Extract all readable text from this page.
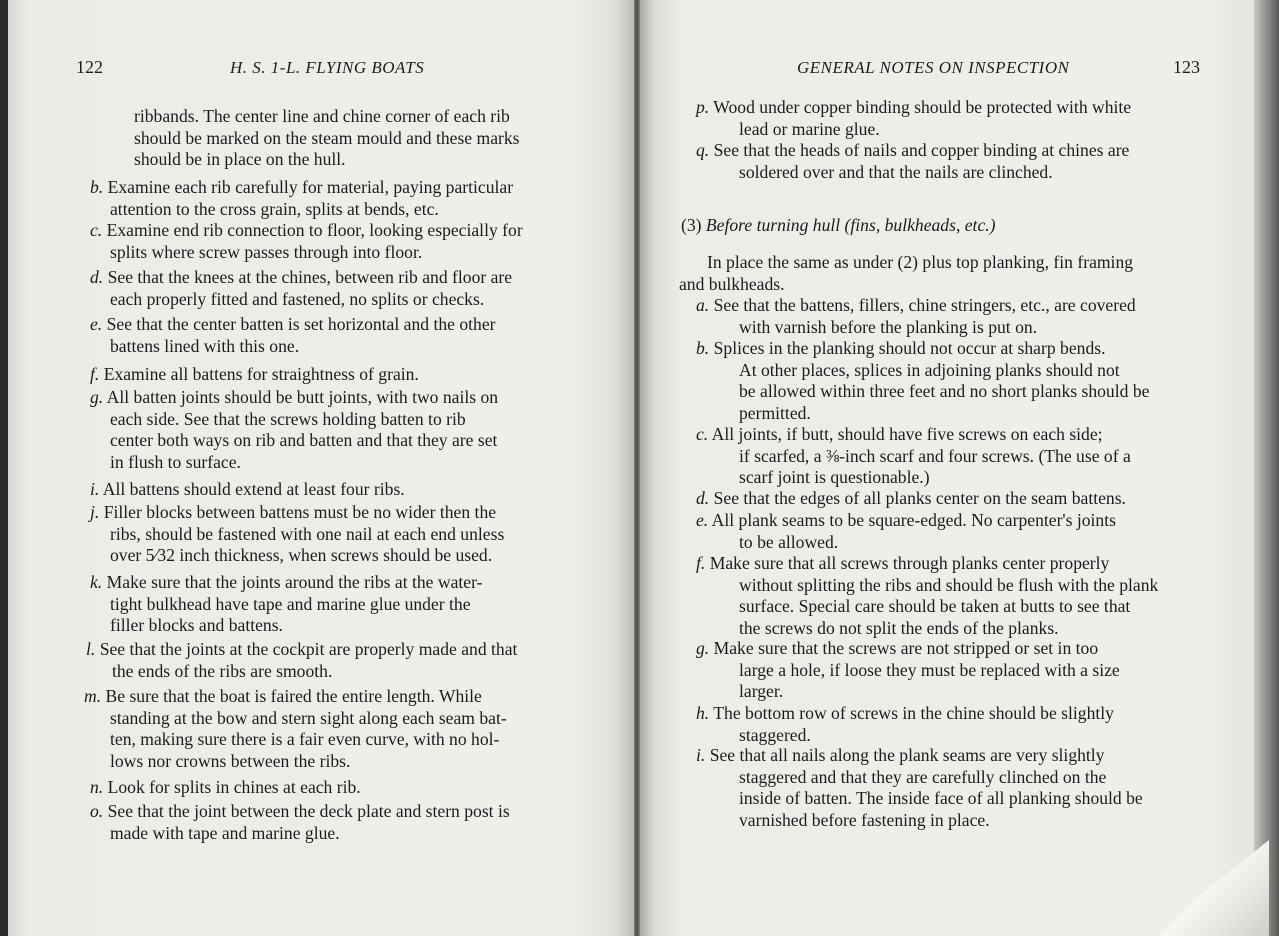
122	H. S. 1-L. FLYING BOATS
ribbands. The center line and chine corner of each rib
should be marked on the steam mould and these marks
should be in place on the hull.
b. Examine each rib carefully for material, paying particular
attention to the cross grain, splits at bends, etc.
c. Examine end rib connection to floor, looking especially for
splits where screw passes through into floor.
d. See that the knees at the chines, between rib and floor are
each properly fitted and fastened, no splits or checks.
e. See that the center batten is set horizontal and the other
battens lined with this one.
f. Examine all battens for straightness of grain.
g. All batten joints should be butt joints, with two nails on
each side. See that the screws holding batten to rib
center both ways on rib and batten and that they are set
in flush to surface.
i. All battens should extend at least four ribs.
j. Filler blocks between battens must be no wider then the
ribs, should be fastened with one nail at each end unless
over 5⁄32 inch thickness, when screws should be used.
k. Make sure that the joints around the ribs at the water-
tight bulkhead have tape and marine glue under the
filler blocks and battens.
l. See that the joints at the cockpit are properly made and that
the ends of the ribs are smooth.
m. Be sure that the boat is faired the entire length. While
standing at the bow and stern sight along each seam bat-
ten, making sure there is a fair even curve, with no hol-
lows nor crowns between the ribs.
n. Look for splits in chines at each rib.
o. See that the joint between the deck plate and stern post is
made with tape and marine glue.
GENERAL NOTES ON INSPECTION	123
p. Wood under copper binding should be protected with white
lead or marine glue.
q. See that the heads of nails and copper binding at chines are
soldered over and that the nails are clinched.
(3) Before turning hull (fins, bulkheads, etc.)
In place the same as under (2) plus top planking, fin framing
and bulkheads.
a. See that the battens, fillers, chine stringers, etc., are covered
with varnish before the planking is put on.
b. Splices in the planking should not occur at sharp bends.
At other places, splices in adjoining planks should not
be allowed within three feet and no short planks should be
permitted.
c. All joints, if butt, should have five screws on each side;
if scarfed, a ⅜-inch scarf and four screws. (The use of a
scarf joint is questionable.)
d. See that the edges of all planks center on the seam battens.
e. All plank seams to be square-edged. No carpenter's joints
to be allowed.
f. Make sure that all screws through planks center properly
without splitting the ribs and should be flush with the plank
surface. Special care should be taken at butts to see that
the screws do not split the ends of the planks.
g. Make sure that the screws are not stripped or set in too
large a hole, if loose they must be replaced with a size
larger.
h. The bottom row of screws in the chine should be slightly
staggered.
i. See that all nails along the plank seams are very slightly
staggered and that they are carefully clinched on the
inside of batten. The inside face of all planking should be
varnished before fastening in place.
